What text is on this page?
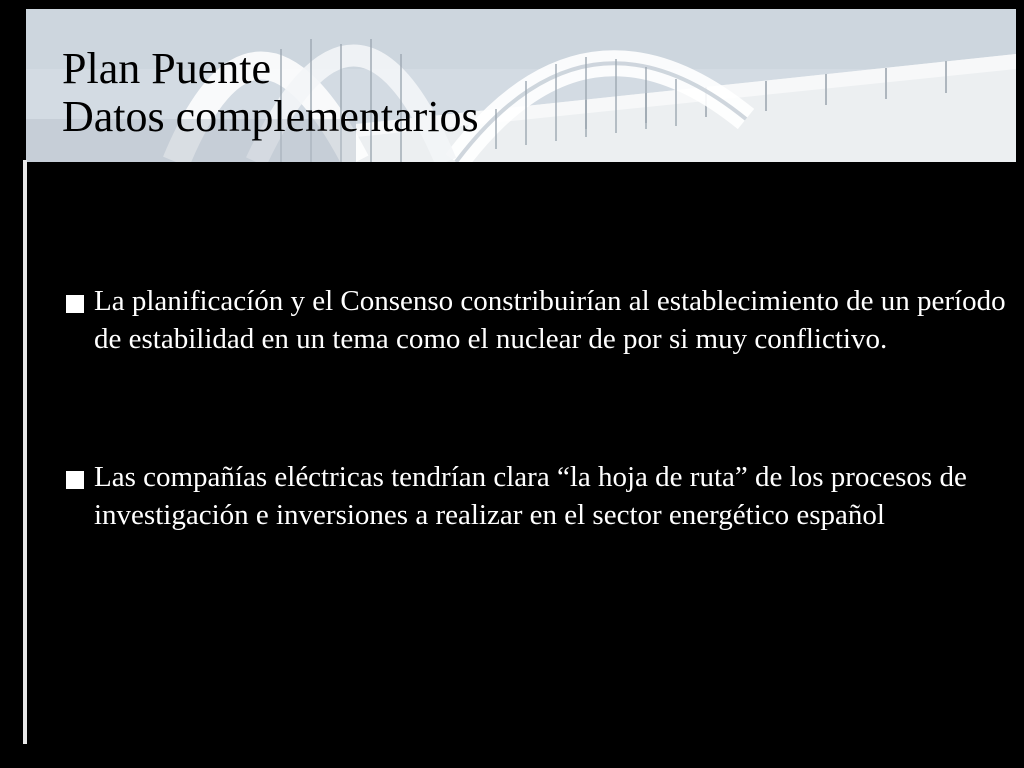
Plan Puente
Datos complementarios
La planificacíón y el Consenso constribuirían al establecimiento de un período de estabilidad en un tema como el nuclear de por si muy conflictivo.
Las compañías eléctricas tendrían clara “la hoja de ruta” de los procesos de investigación e inversiones a realizar en el sector energético español
